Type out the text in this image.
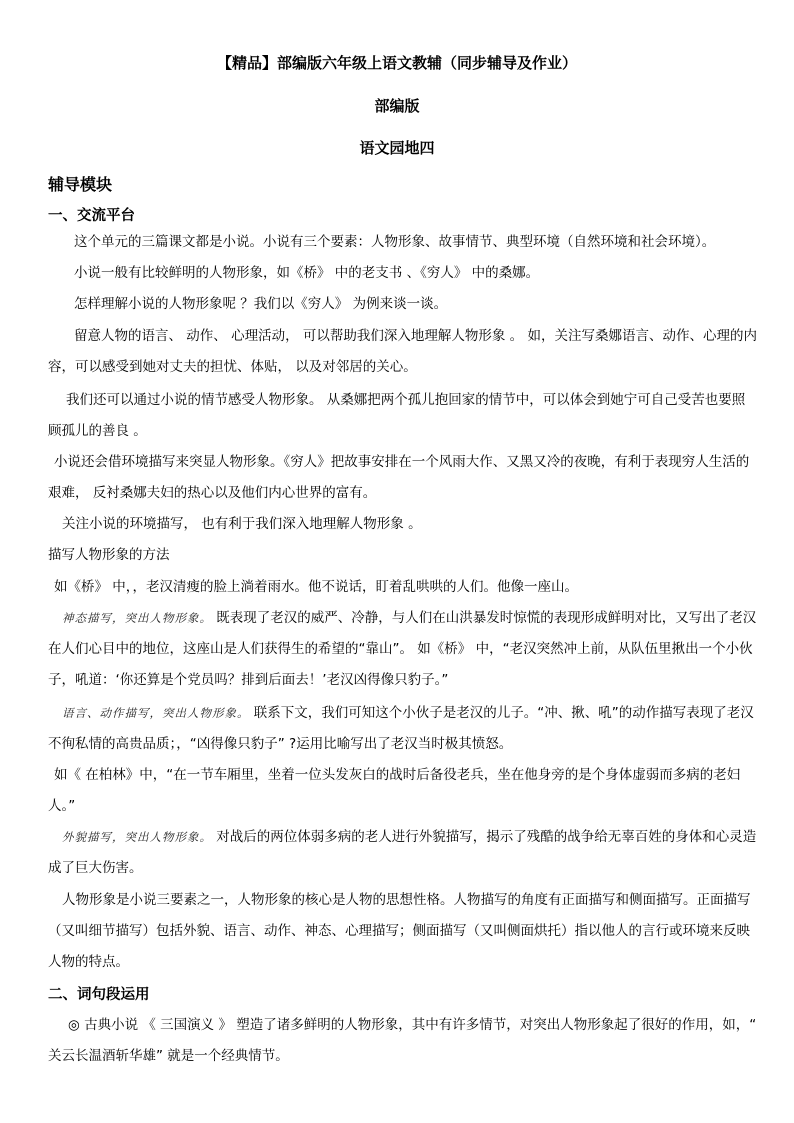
【精品】部编版六年级上语文教辅（同步辅导及作业）
部编版
语文园地四
辅导模块
一、交流平台

这个单元的三篇课文都是小说。小说有三个要素：人物形象、故事情节、典型环境（自然环境和社会环境）。

小说一般有比较鲜明的人物形象，如《桥》 中的老支书 、《穷人》 中的桑娜。

怎样理解小说的人物形象呢 ？我们以《穷人》 为例来谈一谈。

留意人物的语言、 动作、 心理活动， 可以帮助我们深入地理解人物形象 。 如，关注写桑娜语言、动作、心理的内容，可以感受到她对丈夫的担忧、体贴， 以及对邻居的关心。

我们还可以通过小说的情节感受人物形象。 从桑娜把两个孤儿抱回家的情节中，可以体会到她宁可自己受苦也要照顾孤儿的善良 。

小说还会借环境描写来突显人物形象。《穷人》把故事安排在一个风雨大作、又黑又冷的夜晚，有利于表现穷人生活的艰难， 反衬桑娜夫妇的热心以及他们内心世界的富有。

关注小说的环境描写， 也有利于我们深入地理解人物形象 。

描写人物形象的方法

如《桥》 中，，老汉清瘦的脸上淌着雨水。他不说话，盯着乱哄哄的人们。他像一座山。

神态描写，突出人物形象。 既表现了老汉的威严、冷静，与人们在山洪暴发时惊慌的表现形成鲜明对比，又写出了老汉在人们心目中的地位，这座山是人们获得生的希望的“靠山”。 如《桥》 中，“老汉突然冲上前，从队伍里揪出一个小伙子，吼道：‘你还算是个党员吗？排到后面去！’老汉凶得像只豹子。”

语言、动作描写，突出人物形象。 联系下文，我们可知这个小伙子是老汉的儿子。“冲、揪、吼”的动作描写表现了老汉不徇私情的高贵品质；，“凶得像只豹子” ?运用比喻写出了老汉当时极其愤怒。

如《 在柏林》中，“在一节车厢里，坐着一位头发灰白的战时后备役老兵，坐在他身旁的是个身体虚弱而多病的老妇人。”

外貌描写，突出人物形象。 对战后的两位体弱多病的老人进行外貌描写，揭示了残酷的战争给无辜百姓的身体和心灵造成了巨大伤害。

人物形象是小说三要素之一，人物形象的核心是人物的思想性格。人物描写的角度有正面描写和侧面描写。正面描写（又叫细节描写）包括外貌、语言、动作、神态、心理描写；侧面描写（又叫侧面烘托）指以他人的言行或环境来反映人物的特点。

二、词句段运用

◎ 古典小说 《 三国演义 》 塑造了诸多鲜明的人物形象，其中有许多情节，对突出人物形象起了很好的作用，如，“ 关云长温酒斩华雄” 就是一个经典情节。
